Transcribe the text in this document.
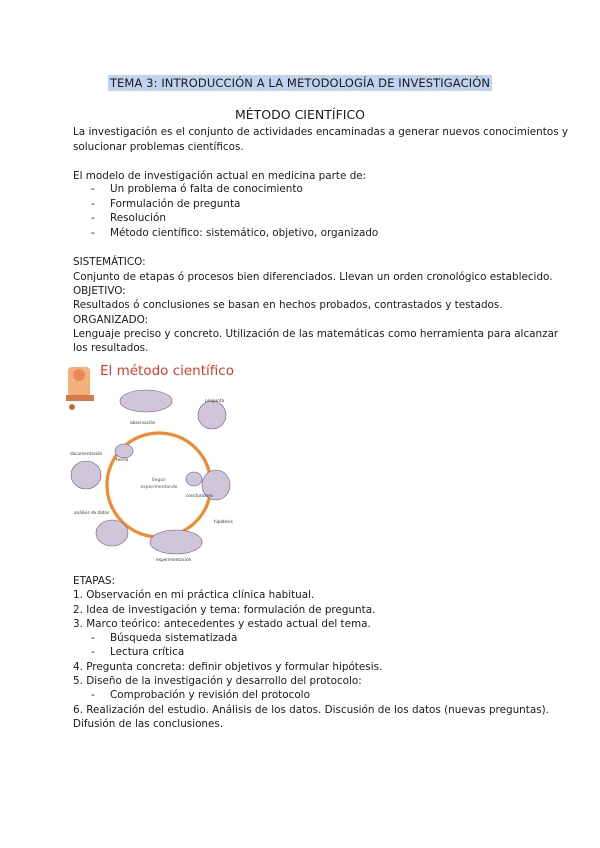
TEMA 3: INTRODUCCIÓN A LA METODOLOGÍA DE INVESTIGACIÓN
MÉTODO CIENTÍFICO
La investigación es el conjunto de actividades encaminadas a generar nuevos conocimientos y
solucionar problemas científicos.
El modelo de investigación actual en medicina parte de:
- Un problema ó falta de conocimiento
- Formulación de pregunta
- Resolución
- Método científico: sistemático, objetivo, organizado
SISTEMÁTICO:
Conjunto de etapas ó procesos bien diferenciados. Llevan un orden cronológico establecido.
OBJETIVO:
Resultados ó conclusiones se basan en hechos probados, contrastados y testados.
ORGANIZADO:
Lenguaje preciso y concreto. Utilización de las matemáticas como herramienta para alcanzar
los resultados.
El método científico
Seguir
experimentando
observación
pregunta
hipótesis
experimentación
análisis de datos
conclusiones
documentación
teoría
ETAPAS:
1. Observación en mi práctica clínica habitual.
2. Idea de investigación y tema: formulación de pregunta.
3. Marco teórico: antecedentes y estado actual del tema.
- Búsqueda sistematizada
- Lectura crítica
4. Pregunta concreta: definir objetivos y formular hipótesis.
5. Diseño de la investigación y desarrollo del protocolo:
- Comprobación y revisión del protocolo
6. Realización del estudio. Análisis de los datos. Discusión de los datos (nuevas preguntas).
Difusión de las conclusiones.
